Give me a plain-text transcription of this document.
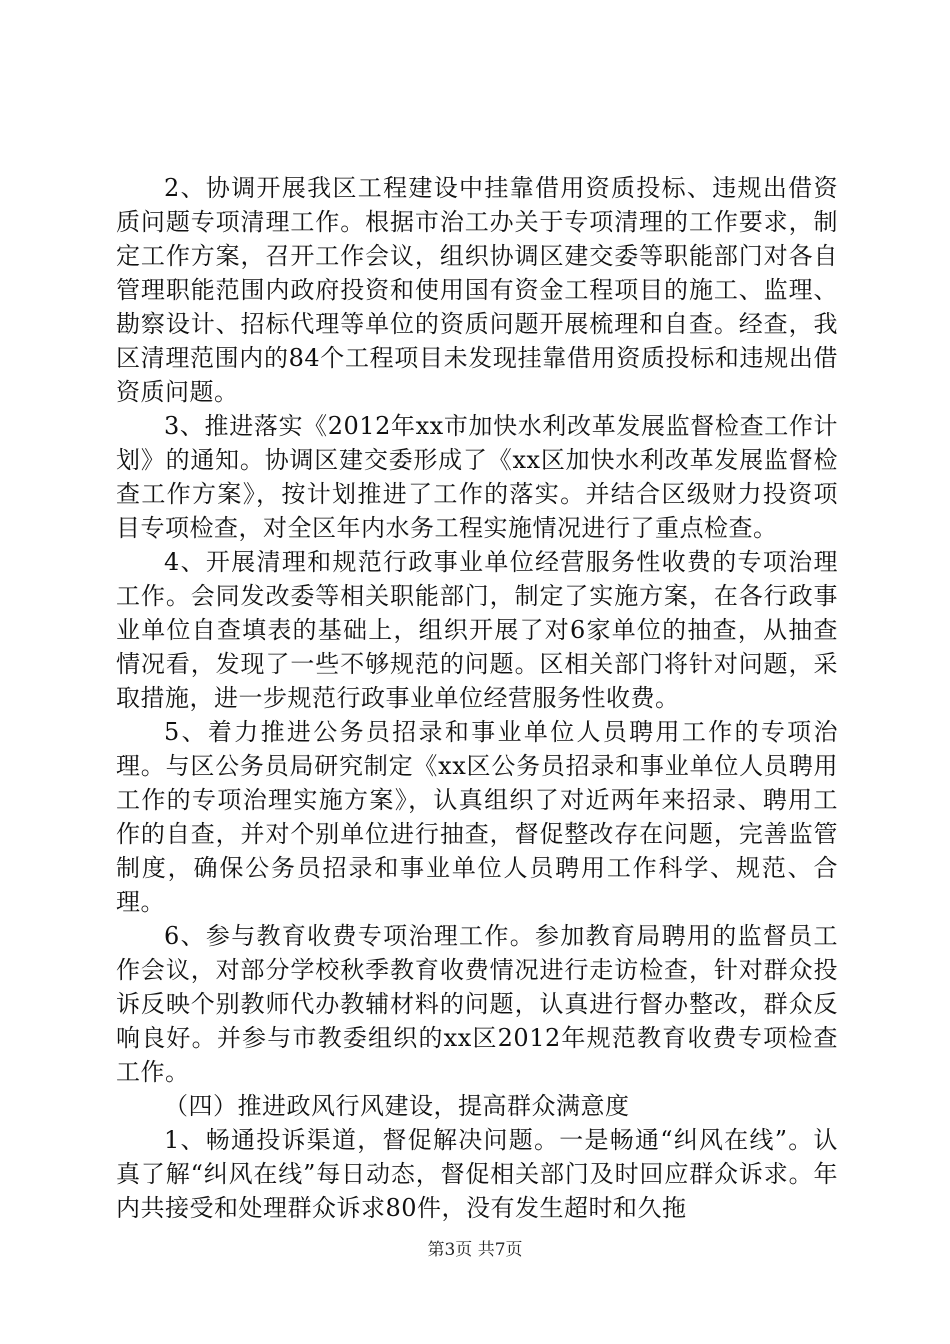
2、协调开展我区工程建设中挂靠借用资质投标、违规出借资质问题专项清理工作。根据市治工办关于专项清理的工作要求，制定工作方案，召开工作会议，组织协调区建交委等职能部门对各自管理职能范围内政府投资和使用国有资金工程项目的施工、监理、勘察设计、招标代理等单位的资质问题开展梳理和自查。经查，我区清理范围内的84个工程项目未发现挂靠借用资质投标和违规出借资质问题。

3、推进落实《2012年xx市加快水利改革发展监督检查工作计划》的通知。协调区建交委形成了《xx区加快水利改革发展监督检查工作方案》，按计划推进了工作的落实。并结合区级财力投资项目专项检查，对全区年内水务工程实施情况进行了重点检查。

4、开展清理和规范行政事业单位经营服务性收费的专项治理工作。会同发改委等相关职能部门，制定了实施方案，在各行政事业单位自查填表的基础上，组织开展了对6家单位的抽查，从抽查情况看，发现了一些不够规范的问题。区相关部门将针对问题，采取措施，进一步规范行政事业单位经营服务性收费。

5、着力推进公务员招录和事业单位人员聘用工作的专项治理。与区公务员局研究制定《xx区公务员招录和事业单位人员聘用工作的专项治理实施方案》，认真组织了对近两年来招录、聘用工作的自查，并对个别单位进行抽查，督促整改存在问题，完善监管制度，确保公务员招录和事业单位人员聘用工作科学、规范、合理。

6、参与教育收费专项治理工作。参加教育局聘用的监督员工作会议，对部分学校秋季教育收费情况进行走访检查，针对群众投诉反映个别教师代办教辅材料的问题，认真进行督办整改，群众反响良好。并参与市教委组织的xx区2012年规范教育收费专项检查工作。

（四）推进政风行风建设，提高群众满意度

1、畅通投诉渠道，督促解决问题。一是畅通“纠风在线”。认真了解“纠风在线”每日动态，督促相关部门及时回应群众诉求。年内共接受和处理群众诉求80件，没有发生超时和久拖

第3页 共7页
